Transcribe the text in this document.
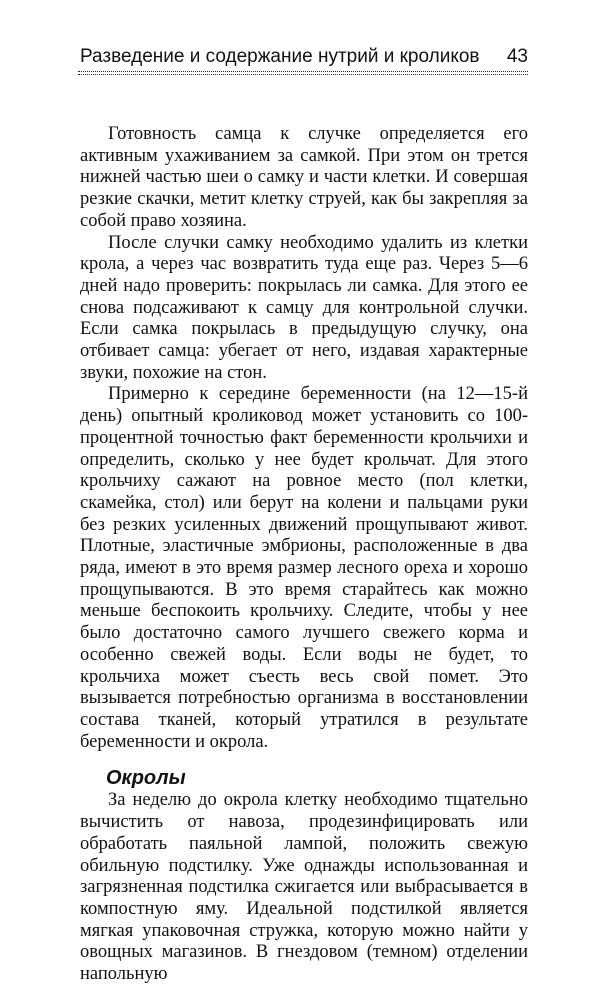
Разведение и содержание нутрий и кроликов 43

Готовность самца к случке определяется его активным ухаживанием за самкой. При этом он трется нижней частью шеи о самку и части клетки. И совершая резкие скачки, метит клетку струей, как бы закрепляя за собой право хозяина.

После случки самку необходимо удалить из клетки крола, а через час возвратить туда еще раз. Через 5—6 дней надо проверить: покрылась ли самка. Для этого ее снова подсаживают к самцу для контрольной случки. Если самка покрылась в предыдущую случку, она отбивает самца: убегает от него, издавая характерные звуки, похожие на стон.

Примерно к середине беременности (на 12—15-й день) опытный кроликовод может установить со 100-процентной точностью факт беременности крольчихи и определить, сколько у нее будет крольчат. Для этого крольчиху сажают на ровное место (пол клетки, скамейка, стол) или берут на колени и пальцами руки без резких усиленных движений прощупывают живот. Плотные, эластичные эмбрионы, расположенные в два ряда, имеют в это время размер лесного ореха и хорошо прощупываются. В это время старайтесь как можно меньше беспокоить крольчиху. Следите, чтобы у нее было достаточно самого лучшего свежего корма и особенно свежей воды. Если воды не будет, то крольчиха может съесть весь свой помет. Это вызывается потребностью организма в восстановлении состава тканей, который утратился в результате беременности и окрола.

Окролы

За неделю до окрола клетку необходимо тщательно вычистить от навоза, продезинфицировать или обработать паяльной лампой, положить свежую обильную подстилку. Уже однажды использованная и загрязненная подстилка сжигается или выбрасывается в компостную яму. Идеальной подстилкой является мягкая упаковочная стружка, которую можно найти у овощных магазинов. В гнездовом (темном) отделении напольную
